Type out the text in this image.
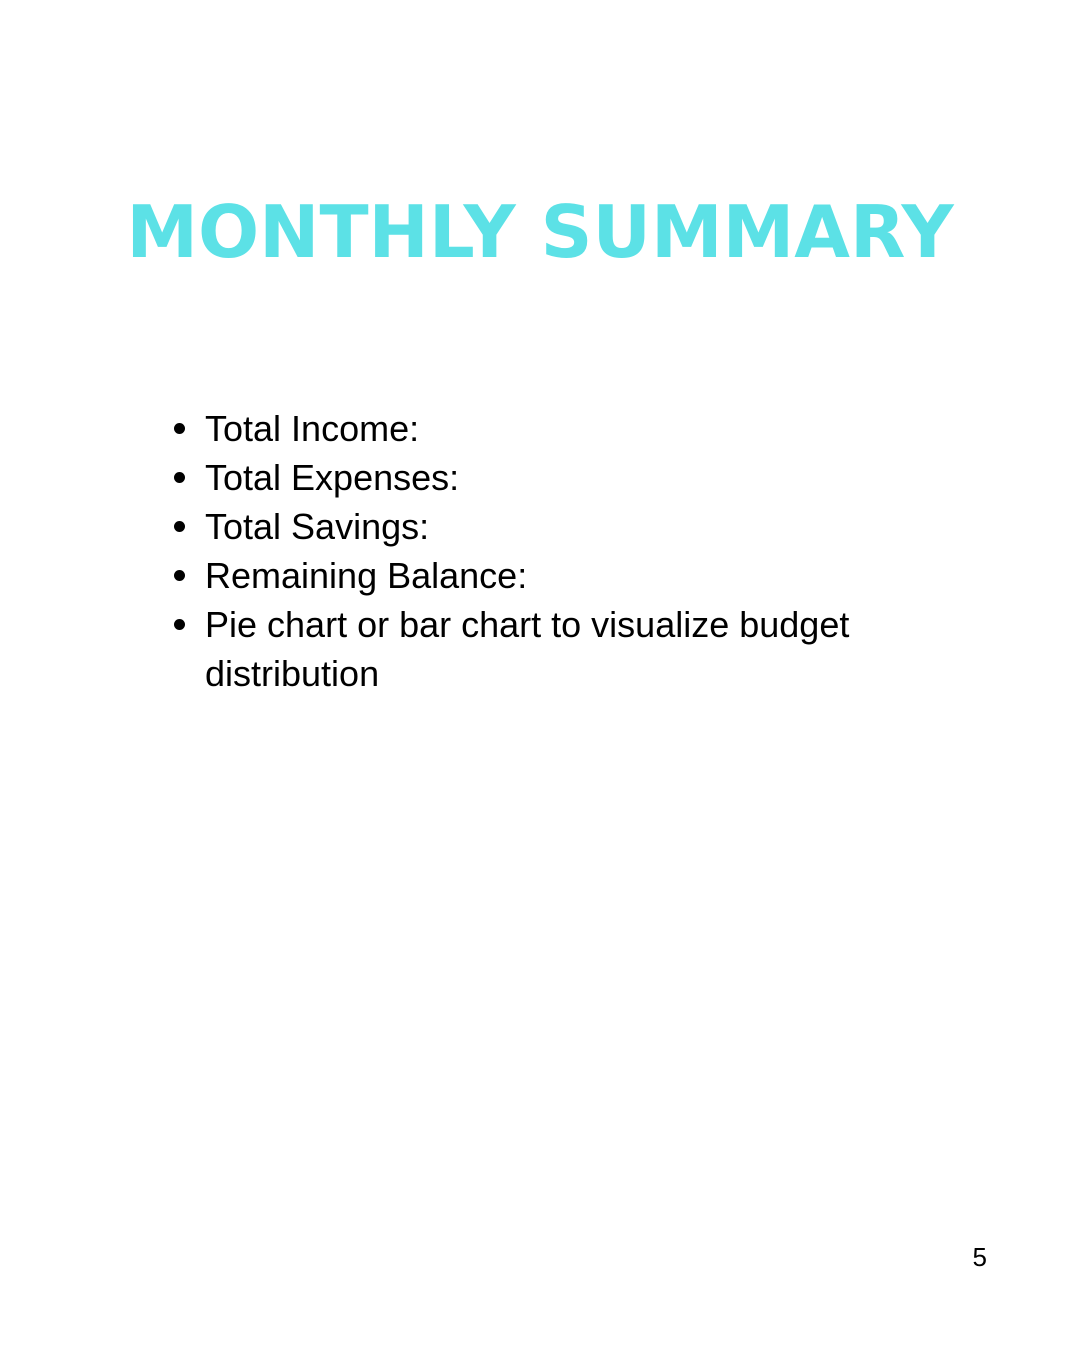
MONTHLY SUMMARY
Total Income:
Total Expenses:
Total Savings:
Remaining Balance:
Pie chart or bar chart to visualize budget distribution
5
